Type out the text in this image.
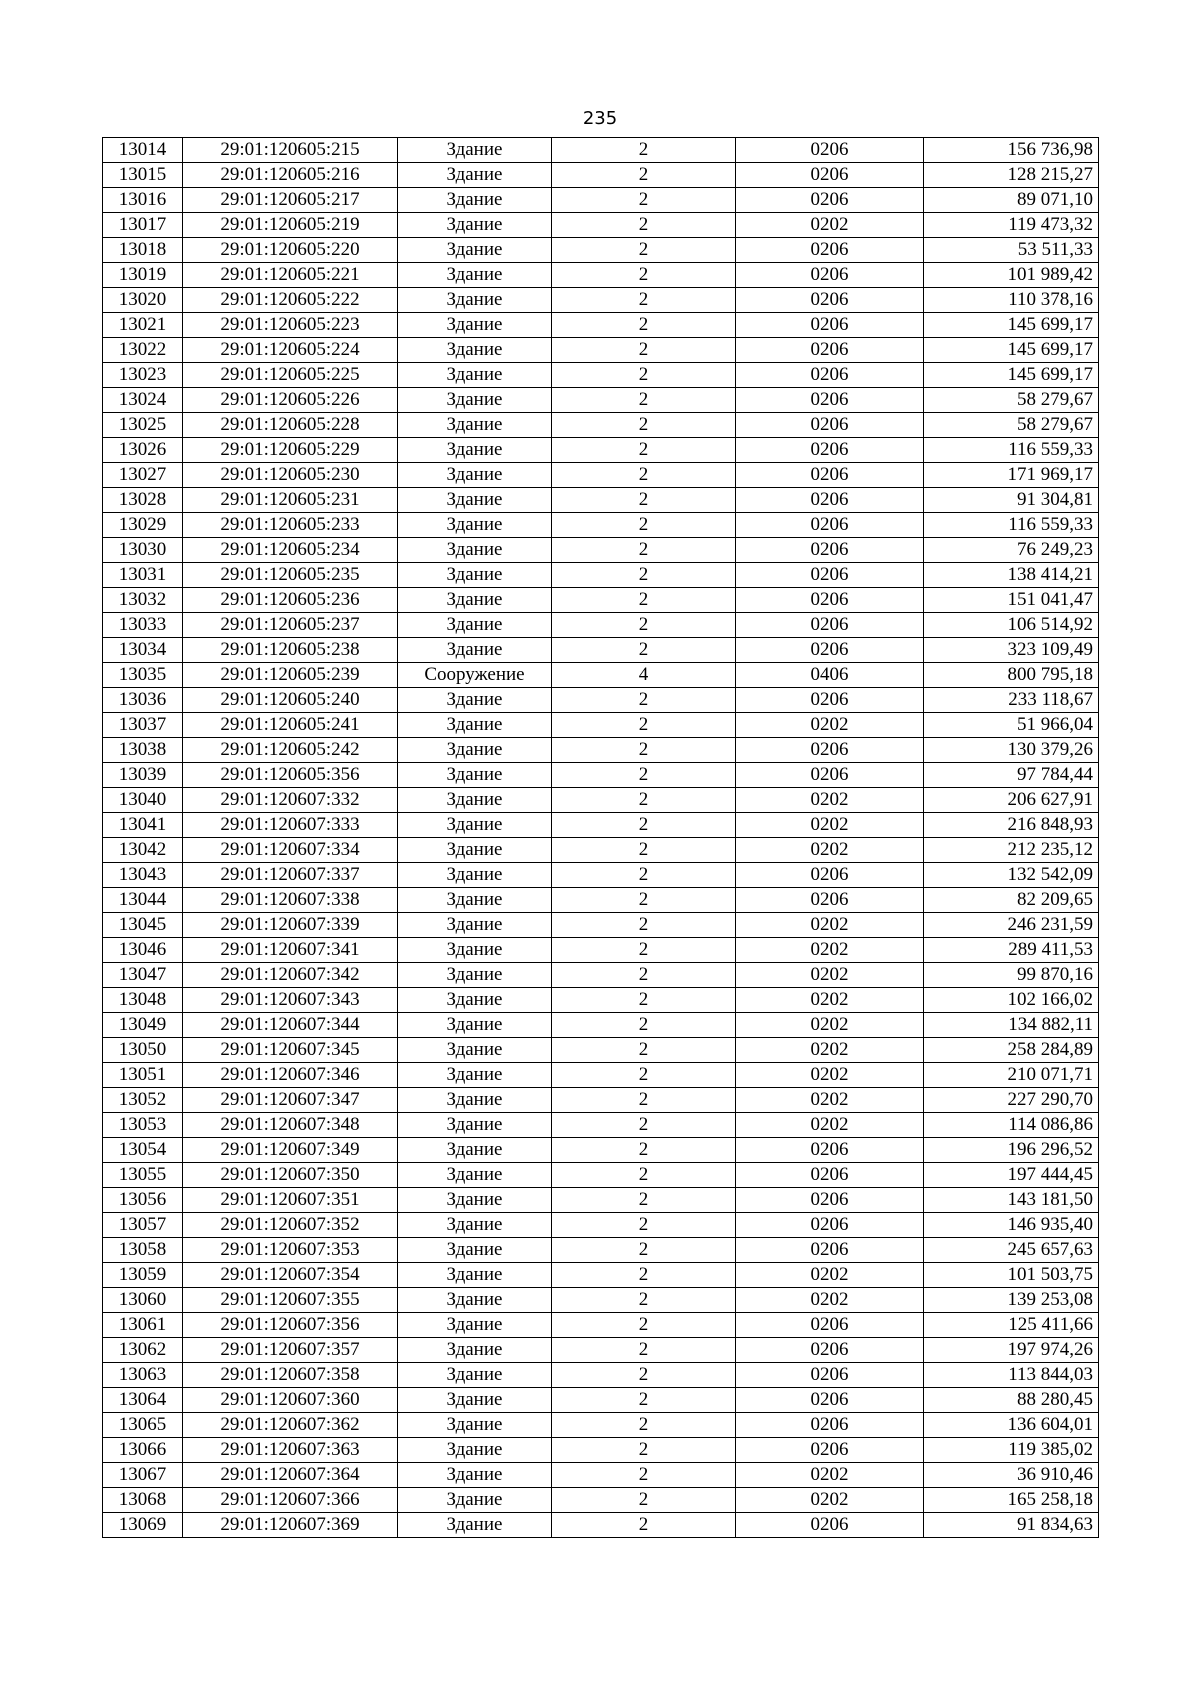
235
13014	29:01:120605:215	Здание	2	0206	156 736,98
13015	29:01:120605:216	Здание	2	0206	128 215,27
13016	29:01:120605:217	Здание	2	0206	89 071,10
13017	29:01:120605:219	Здание	2	0202	119 473,32
13018	29:01:120605:220	Здание	2	0206	53 511,33
13019	29:01:120605:221	Здание	2	0206	101 989,42
13020	29:01:120605:222	Здание	2	0206	110 378,16
13021	29:01:120605:223	Здание	2	0206	145 699,17
13022	29:01:120605:224	Здание	2	0206	145 699,17
13023	29:01:120605:225	Здание	2	0206	145 699,17
13024	29:01:120605:226	Здание	2	0206	58 279,67
13025	29:01:120605:228	Здание	2	0206	58 279,67
13026	29:01:120605:229	Здание	2	0206	116 559,33
13027	29:01:120605:230	Здание	2	0206	171 969,17
13028	29:01:120605:231	Здание	2	0206	91 304,81
13029	29:01:120605:233	Здание	2	0206	116 559,33
13030	29:01:120605:234	Здание	2	0206	76 249,23
13031	29:01:120605:235	Здание	2	0206	138 414,21
13032	29:01:120605:236	Здание	2	0206	151 041,47
13033	29:01:120605:237	Здание	2	0206	106 514,92
13034	29:01:120605:238	Здание	2	0206	323 109,49
13035	29:01:120605:239	Сооружение	4	0406	800 795,18
13036	29:01:120605:240	Здание	2	0206	233 118,67
13037	29:01:120605:241	Здание	2	0202	51 966,04
13038	29:01:120605:242	Здание	2	0206	130 379,26
13039	29:01:120605:356	Здание	2	0206	97 784,44
13040	29:01:120607:332	Здание	2	0202	206 627,91
13041	29:01:120607:333	Здание	2	0202	216 848,93
13042	29:01:120607:334	Здание	2	0202	212 235,12
13043	29:01:120607:337	Здание	2	0206	132 542,09
13044	29:01:120607:338	Здание	2	0206	82 209,65
13045	29:01:120607:339	Здание	2	0202	246 231,59
13046	29:01:120607:341	Здание	2	0202	289 411,53
13047	29:01:120607:342	Здание	2	0202	99 870,16
13048	29:01:120607:343	Здание	2	0202	102 166,02
13049	29:01:120607:344	Здание	2	0202	134 882,11
13050	29:01:120607:345	Здание	2	0202	258 284,89
13051	29:01:120607:346	Здание	2	0202	210 071,71
13052	29:01:120607:347	Здание	2	0202	227 290,70
13053	29:01:120607:348	Здание	2	0202	114 086,86
13054	29:01:120607:349	Здание	2	0206	196 296,52
13055	29:01:120607:350	Здание	2	0206	197 444,45
13056	29:01:120607:351	Здание	2	0206	143 181,50
13057	29:01:120607:352	Здание	2	0206	146 935,40
13058	29:01:120607:353	Здание	2	0206	245 657,63
13059	29:01:120607:354	Здание	2	0202	101 503,75
13060	29:01:120607:355	Здание	2	0202	139 253,08
13061	29:01:120607:356	Здание	2	0206	125 411,66
13062	29:01:120607:357	Здание	2	0206	197 974,26
13063	29:01:120607:358	Здание	2	0206	113 844,03
13064	29:01:120607:360	Здание	2	0206	88 280,45
13065	29:01:120607:362	Здание	2	0206	136 604,01
13066	29:01:120607:363	Здание	2	0206	119 385,02
13067	29:01:120607:364	Здание	2	0202	36 910,46
13068	29:01:120607:366	Здание	2	0202	165 258,18
13069	29:01:120607:369	Здание	2	0206	91 834,63
